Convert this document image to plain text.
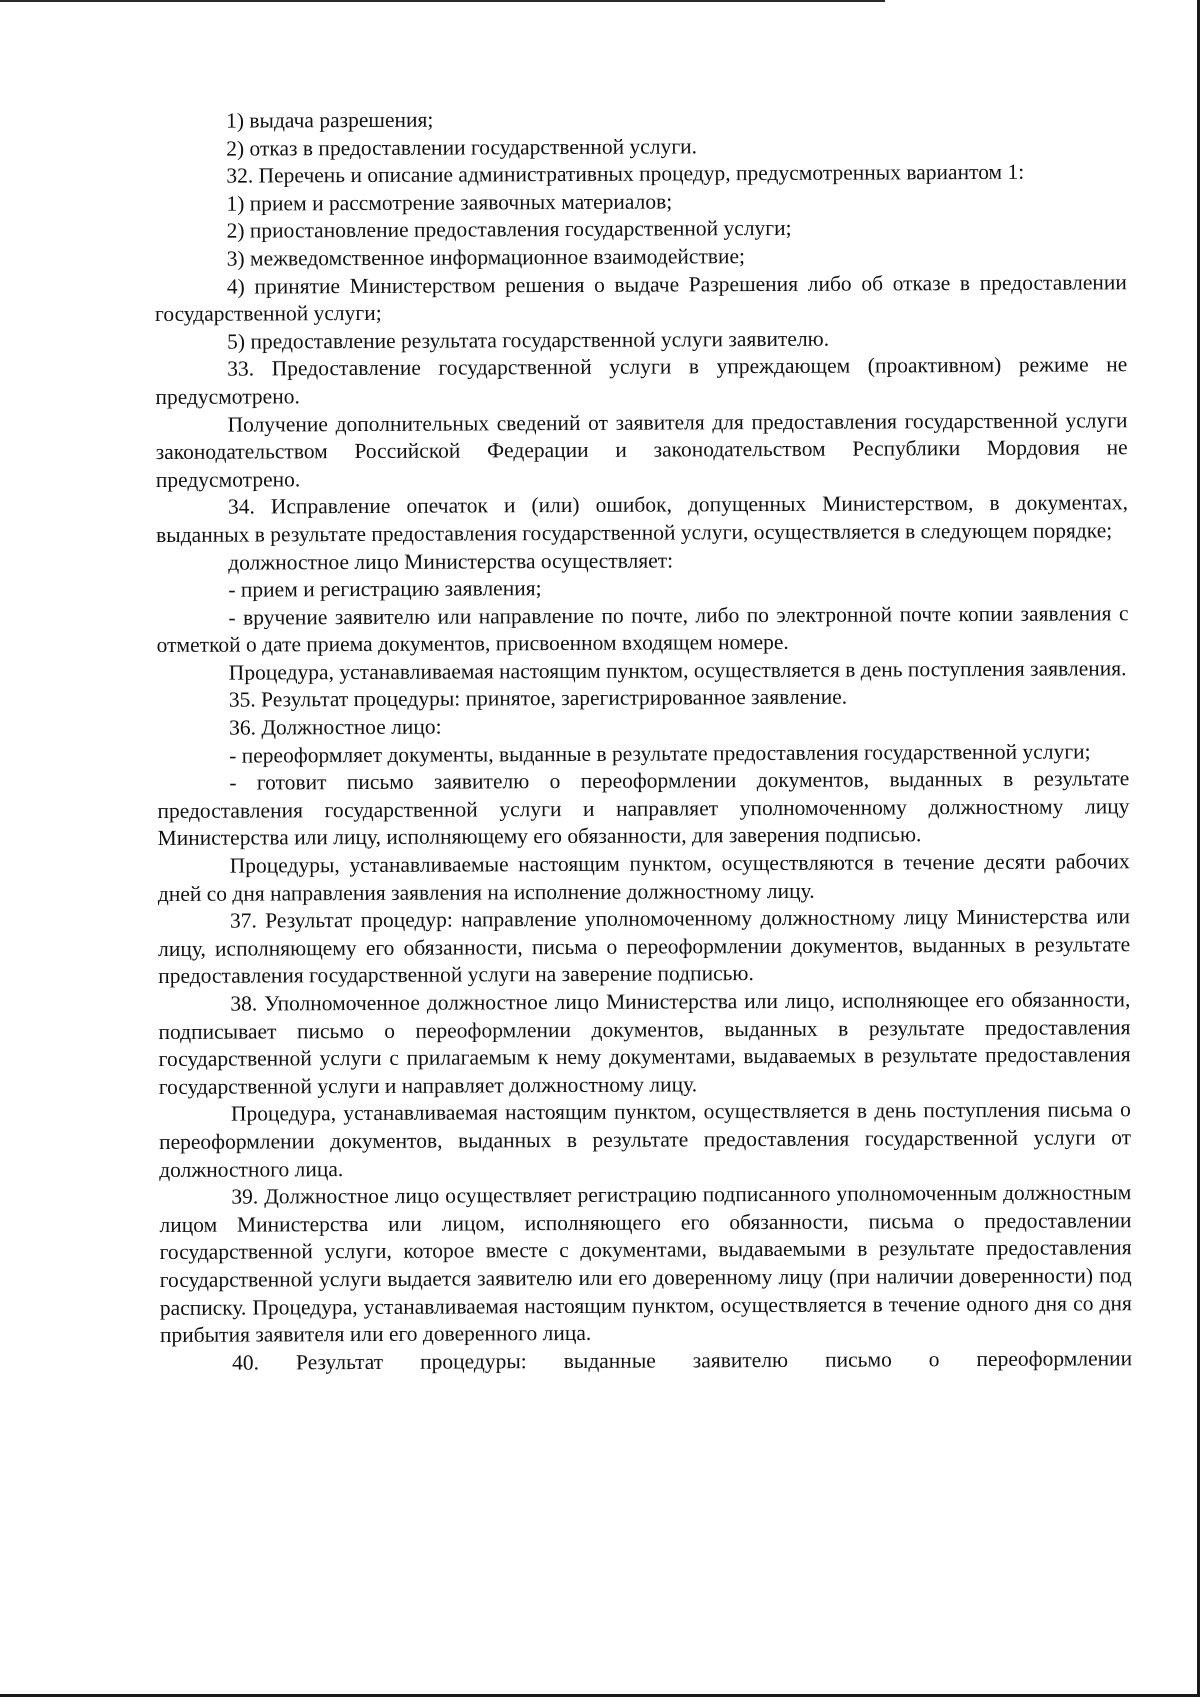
1) выдача разрешения;

2) отказ в предоставлении государственной услуги.

32. Перечень и описание административных процедур, предусмотренных вариантом 1:

1) прием и рассмотрение заявочных материалов;

2) приостановление предоставления государственной услуги;

3) межведомственное информационное взаимодействие;

4) принятие Министерством решения о выдаче Разрешения либо об отказе в предоставлении государственной услуги;

5) предоставление результата государственной услуги заявителю.

33. Предоставление государственной услуги в упреждающем (проактивном) режиме не предусмотрено.

Получение дополнительных сведений от заявителя для предоставления государственной услуги законодательством Российской Федерации и законодательством Республики Мордовия не предусмотрено.

34. Исправление опечаток и (или) ошибок, допущенных Министерством, в документах, выданных в результате предоставления государственной услуги, осуществляется в следующем порядке;

должностное лицо Министерства осуществляет:

- прием и регистрацию заявления;

- вручение заявителю или направление по почте, либо по электронной почте копии заявления с отметкой о дате приема документов, присвоенном входящем номере.

Процедура, устанавливаемая настоящим пунктом, осуществляется в день поступления заявления.

35. Результат процедуры: принятое, зарегистрированное заявление.

36. Должностное лицо:

- переоформляет документы, выданные в результате предоставления государственной услуги;

- готовит письмо заявителю о переоформлении документов, выданных в результате предоставления государственной услуги и направляет уполномоченному должностному лицу Министерства или лицу, исполняющему его обязанности, для заверения подписью.

Процедуры, устанавливаемые настоящим пунктом, осуществляются в течение десяти рабочих дней со дня направления заявления на исполнение должностному лицу.

37. Результат процедур: направление уполномоченному должностному лицу Министерства или лицу, исполняющему его обязанности, письма о переоформлении документов, выданных в результате предоставления государственной услуги на заверение подписью.

38. Уполномоченное должностное лицо Министерства или лицо, исполняющее его обязанности, подписывает письмо о переоформлении документов, выданных в результате предоставления государственной услуги с прилагаемым к нему документами, выдаваемых в результате предоставления государственной услуги и направляет должностному лицу.

Процедура, устанавливаемая настоящим пунктом, осуществляется в день поступления письма о переоформлении документов, выданных в результате предоставления государственной услуги от должностного лица.

39. Должностное лицо осуществляет регистрацию подписанного уполномоченным должностным лицом Министерства или лицом, исполняющего его обязанности, письма о предоставлении государственной услуги, которое вместе с документами, выдаваемыми в результате предоставления государственной услуги выдается заявителю или его доверенному лицу (при наличии доверенности) под расписку. Процедура, устанавливаемая настоящим пунктом, осуществляется в течение одного дня со дня прибытия заявителя или его доверенного лица.

40. Результат процедуры: выданные заявителю письмо о переоформлении
